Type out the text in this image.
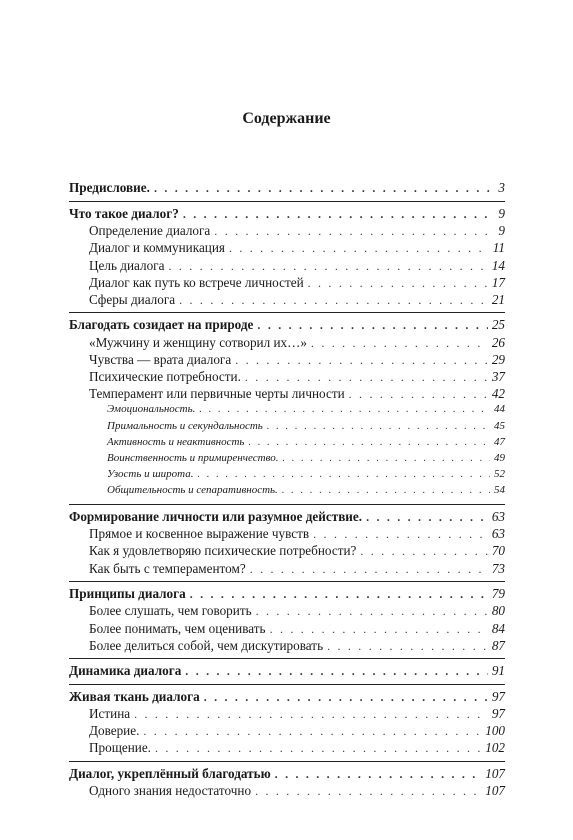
Содержание
Предисловие. . . .	3
Что такое диалог? . . .	9
Определение диалога . . .	9
Диалог и коммуникация . . .	11
Цель диалога . . .	14
Диалог как путь ко встрече личностей . . .	17
Сферы диалога . . .	21
Благодать созидает на природе . . .	25
«Мужчину и женщину сотворил их…» . . .	26
Чувства — врата диалога . . .	29
Психические потребности. . . .	37
Темперамент или первичные черты личности . . .	42
Эмоциональность. . . .	44
Примальность и секундальность . . .	45
Активность и неактивность . . .	47
Воинственность и примиренчество. . . .	49
Узость и широта. . . .	52
Общительность и сепаративность. . . .	54
Формирование личности или разумное действие. . . .	63
Прямое и косвенное выражение чувств . . .	63
Как я удовлетворяю психические потребности? . . .	70
Как быть с темпераментом? . . .	73
Принципы диалога . . .	79
Более слушать, чем говорить . . .	80
Более понимать, чем оценивать . . .	84
Более делиться собой, чем дискутировать . . .	87
Динамика диалога . . .	91
Живая ткань диалога . . .	97
Истина . . .	97
Доверие. . . .	100
Прощение. . . .	102
Диалог, укреплённый благодатью . . .	107
Одного знания недостаточно . . .	107
